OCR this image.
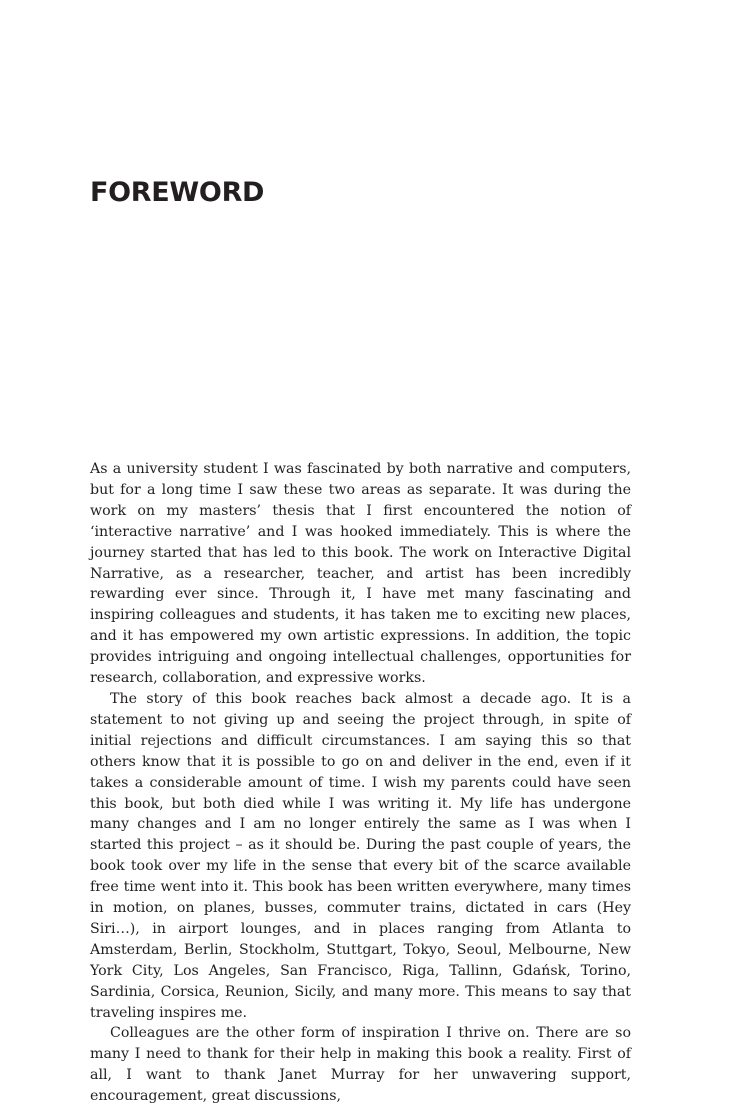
FOREWORD

As a university student I was fascinated by both narrative and computers, but for a long time I saw these two areas as separate. It was during the work on my masters’ thesis that I first encountered the notion of ‘interactive narrative’ and I was hooked immediately. This is where the journey started that has led to this book. The work on Interactive Digital Narrative, as a researcher, teacher, and artist has been incredibly rewarding ever since. Through it, I have met many fascinating and inspiring colleagues and students, it has taken me to exciting new places, and it has empowered my own artistic expressions. In addition, the topic provides intriguing and ongoing intellectual challenges, opportunities for research, collaboration, and expressive works.

The story of this book reaches back almost a decade ago. It is a statement to not giving up and seeing the project through, in spite of initial rejections and difficult circumstances. I am saying this so that others know that it is possible to go on and deliver in the end, even if it takes a considerable amount of time. I wish my parents could have seen this book, but both died while I was writing it. My life has undergone many changes and I am no longer entirely the same as I was when I started this project – as it should be. During the past couple of years, the book took over my life in the sense that every bit of the scarce available free time went into it. This book has been written everywhere, many times in motion, on planes, busses, commuter trains, dictated in cars (Hey Siri…), in airport lounges, and in places ranging from Atlanta to Amsterdam, Berlin, Stockholm, Stuttgart, Tokyo, Seoul, Melbourne, New York City, Los Angeles, San Francisco, Riga, Tallinn, Gdańsk, Torino, Sardinia, Corsica, Reunion, Sicily, and many more. This means to say that traveling inspires me.

Colleagues are the other form of inspiration I thrive on. There are so many I need to thank for their help in making this book a reality. First of all, I want to thank Janet Murray for her unwavering support, encouragement, great discussions,
